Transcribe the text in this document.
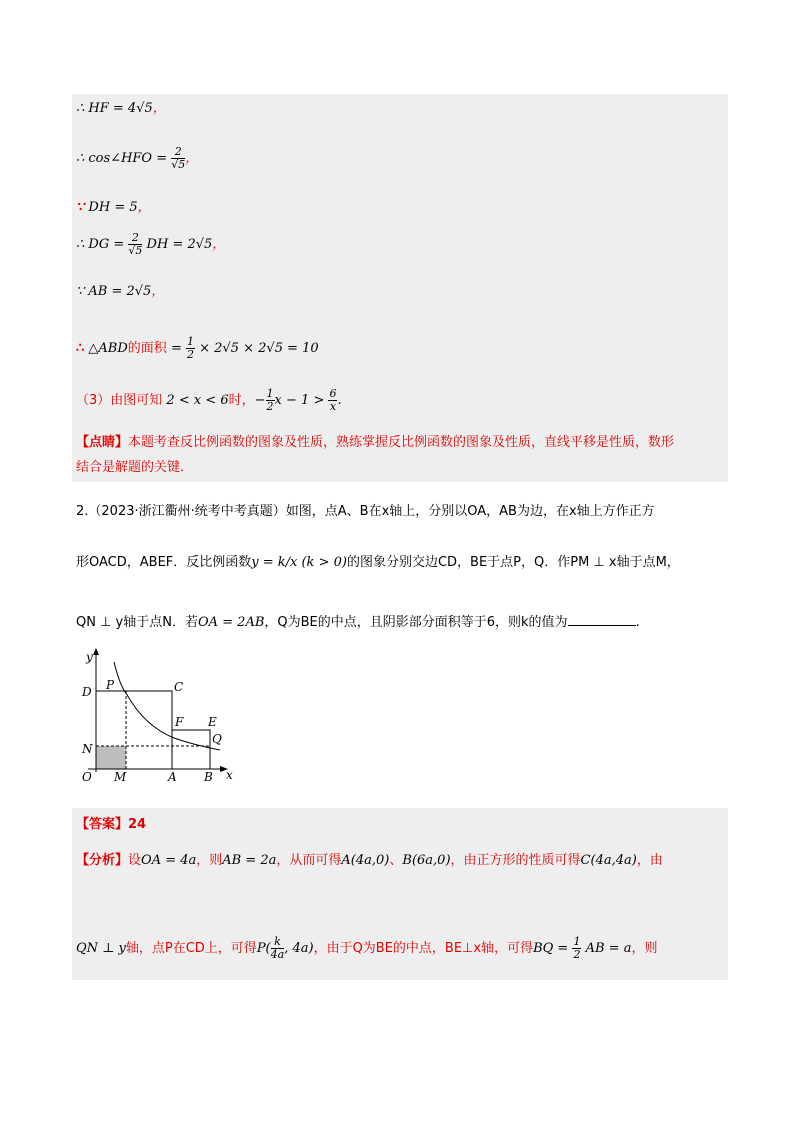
∴ HF = 4√5，
∴ cos∠HFO = $\frac{2}{√5}$ ，
∵ DH = 5，
∴ DG = $\frac{2}{√5}$ DH = 2√5，
∵ AB = 2√5，
∴ △ABD的面积 = $\frac{1}{2} \times 2√5 \times 2√5 = 10$
（3）由图可知 2 < x < 6时，− $\frac{1}{2}$ $x - 1 > \frac{6}{x}$ .
【点睛】本题考查反比例函数的图象及性质，熟练掌握反比例函数的图象及性质，直线平移是性质，数形
结合是解题的关键.
2.（2023·浙江衢州·统考中考真题）如图，点A、B在x轴上，分别以OA，AB为边，在x轴上方作正方
形OACD，ABEF．反比例函数y = k/x (k > 0)的图象分别交边CD，BE于点P，Q．作PM ⊥ x轴于点M，
QN ⊥ y轴于点N．若OA = 2AB，Q为BE的中点，且阴影部分面积等于6，则k的值为	.
y
x
D P	C
F E
Q
N
O M	A B
【答案】24
【分析】设OA = 4a，则AB = 2a，从而可得A(4a,0)、B(6a,0)，由正方形的性质可得C(4a,4a)，由
QN ⊥ y轴，点P在CD上，可得$P( \frac{k}{4a}$ , 4a)，由于Q为BE的中点，BE⊥x轴，可得BQ = $\frac{1}{2}$ AB = a，则
